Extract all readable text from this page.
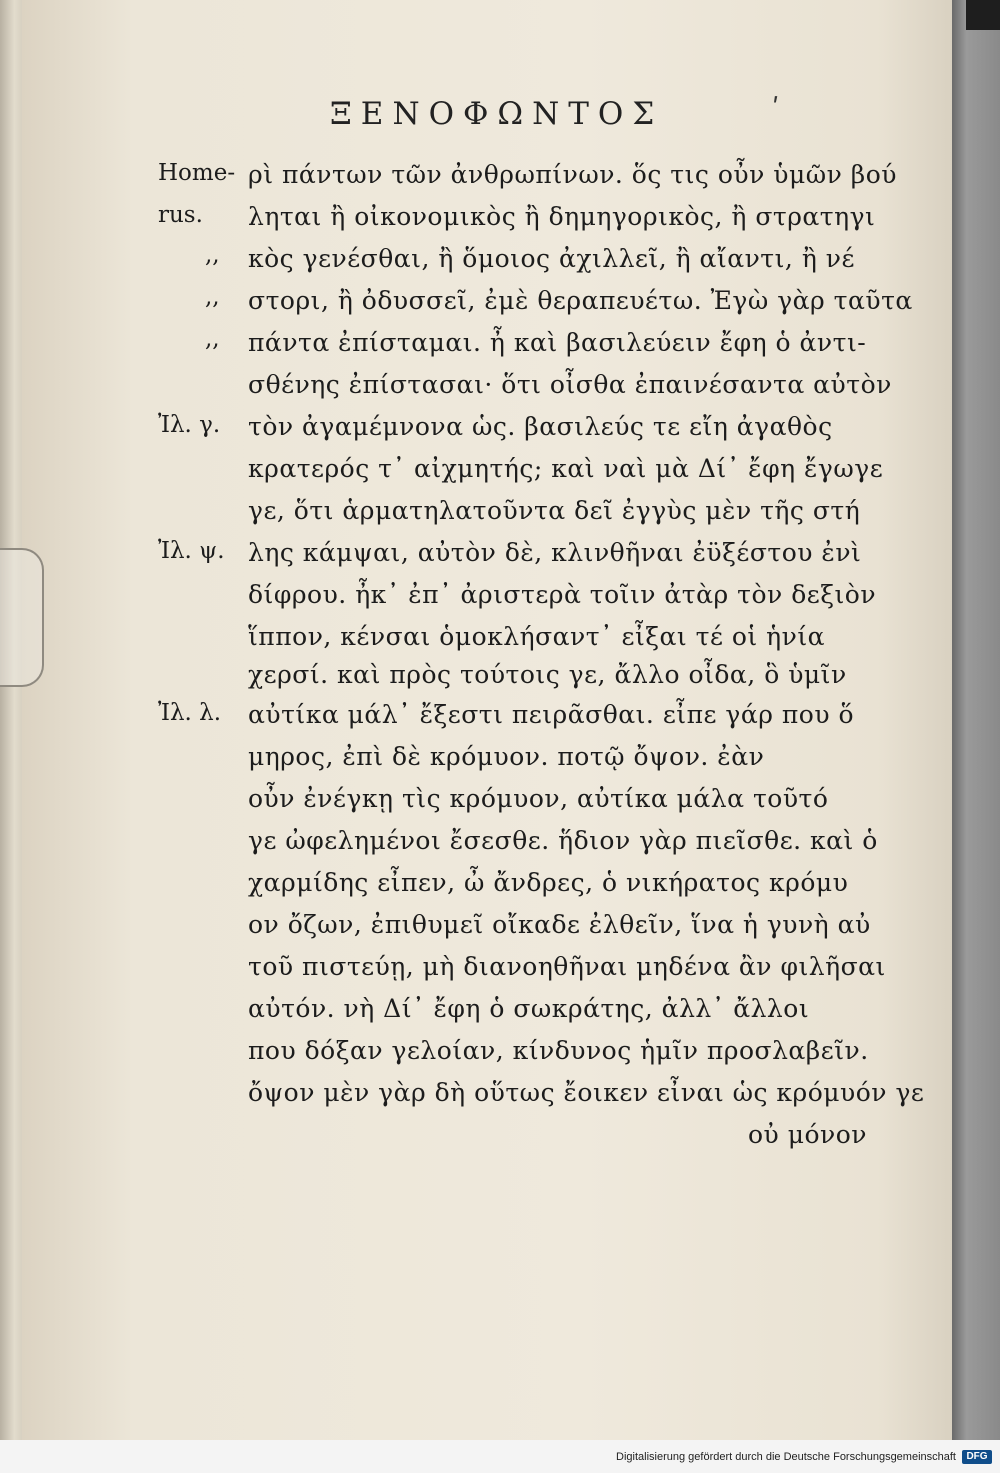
ΞΕΝΟΦΩΝΤΟΣ	ʹ
Home-
rus.
,,
,,
,,
Ἰλ. γ.
Ἰλ. ψ.
Ἰλ. λ.
ρὶ πάντων τῶν ἀνθρωπίνων. ὅς τις οὖν ὑμῶν βού
ληται ἢ οἰκονομικὸς ἢ δημηγορικὸς, ἢ στρατηγι
κὸς γενέσθαι, ἢ ὅμοιος ἀχιλλεῖ, ἢ αἴαντι, ἢ νέ
στορι, ἢ ὀδυσσεῖ, ἐμὲ θεραπευέτω. Ἐγὼ γὰρ ταῦτα
πάντα ἐπίσταμαι. ἦ καὶ βασιλεύειν ἔφη ὁ ἀντι-
σθένης ἐπίστασαι· ὅτι οἶσθα ἐπαινέσαντα αὐτὸν
τὸν ἀγαμέμνονα ὡς. βασιλεύς τε εἴη ἀγαθὸς
κρατερός τ᾽ αἰχμητής; καὶ ναὶ μὰ Δί᾽ ἔφη ἔγωγε
γε, ὅτι ἁρματηλατοῦντα δεῖ ἐγγὺς μὲν τῆς στή
λης κάμψαι, αὐτὸν δὲ, κλινθῆναι ἐϋξέστου ἐνὶ
δίφρου. ἦκ᾽ ἐπ᾽ ἀριστερὰ τοῖιν ἀτὰρ τὸν δεξιὸν
ἵππον, κένσαι ὁμοκλήσαντ᾽ εἶξαι τέ οἱ ἡνία
χερσί. καὶ πρὸς τούτοις γε, ἄλλο οἶδα, ὃ ὑμῖν
αὐτίκα μάλ᾽ ἔξεστι πειρᾶσθαι. εἶπε γάρ που ὅ
μηρος, ἐπὶ δὲ κρόμυον. ποτῷ ὄψον. ἐὰν
οὖν ἐνέγκῃ τὶς κρόμυον, αὐτίκα μάλα τοῦτό
γε ὠφελημένοι ἔσεσθε. ἥδιον γὰρ πιεῖσθε. καὶ ὁ
χαρμίδης εἶπεν, ὦ ἄνδρες, ὁ νικήρατος κρόμυ
ον ὄζων, ἐπιθυμεῖ οἴκαδε ἐλθεῖν, ἵνα ἡ γυνὴ αὐ
τοῦ πιστεύῃ, μὴ διανοηθῆναι μηδένα ἂν φιλῆσαι
αὐτόν. νὴ Δί᾽ ἔφη ὁ σωκράτης, ἀλλ᾽ ἄλλοι
που δόξαν γελοίαν, κίνδυνος ἡμῖν προσλαβεῖν.
ὄψον μὲν γὰρ δὴ οὕτως ἔοικεν εἶναι ὡς κρόμυόν γε
οὐ μόνον
Digitalisierung gefördert durch die Deutsche Forschungsgemeinschaft	DFG
